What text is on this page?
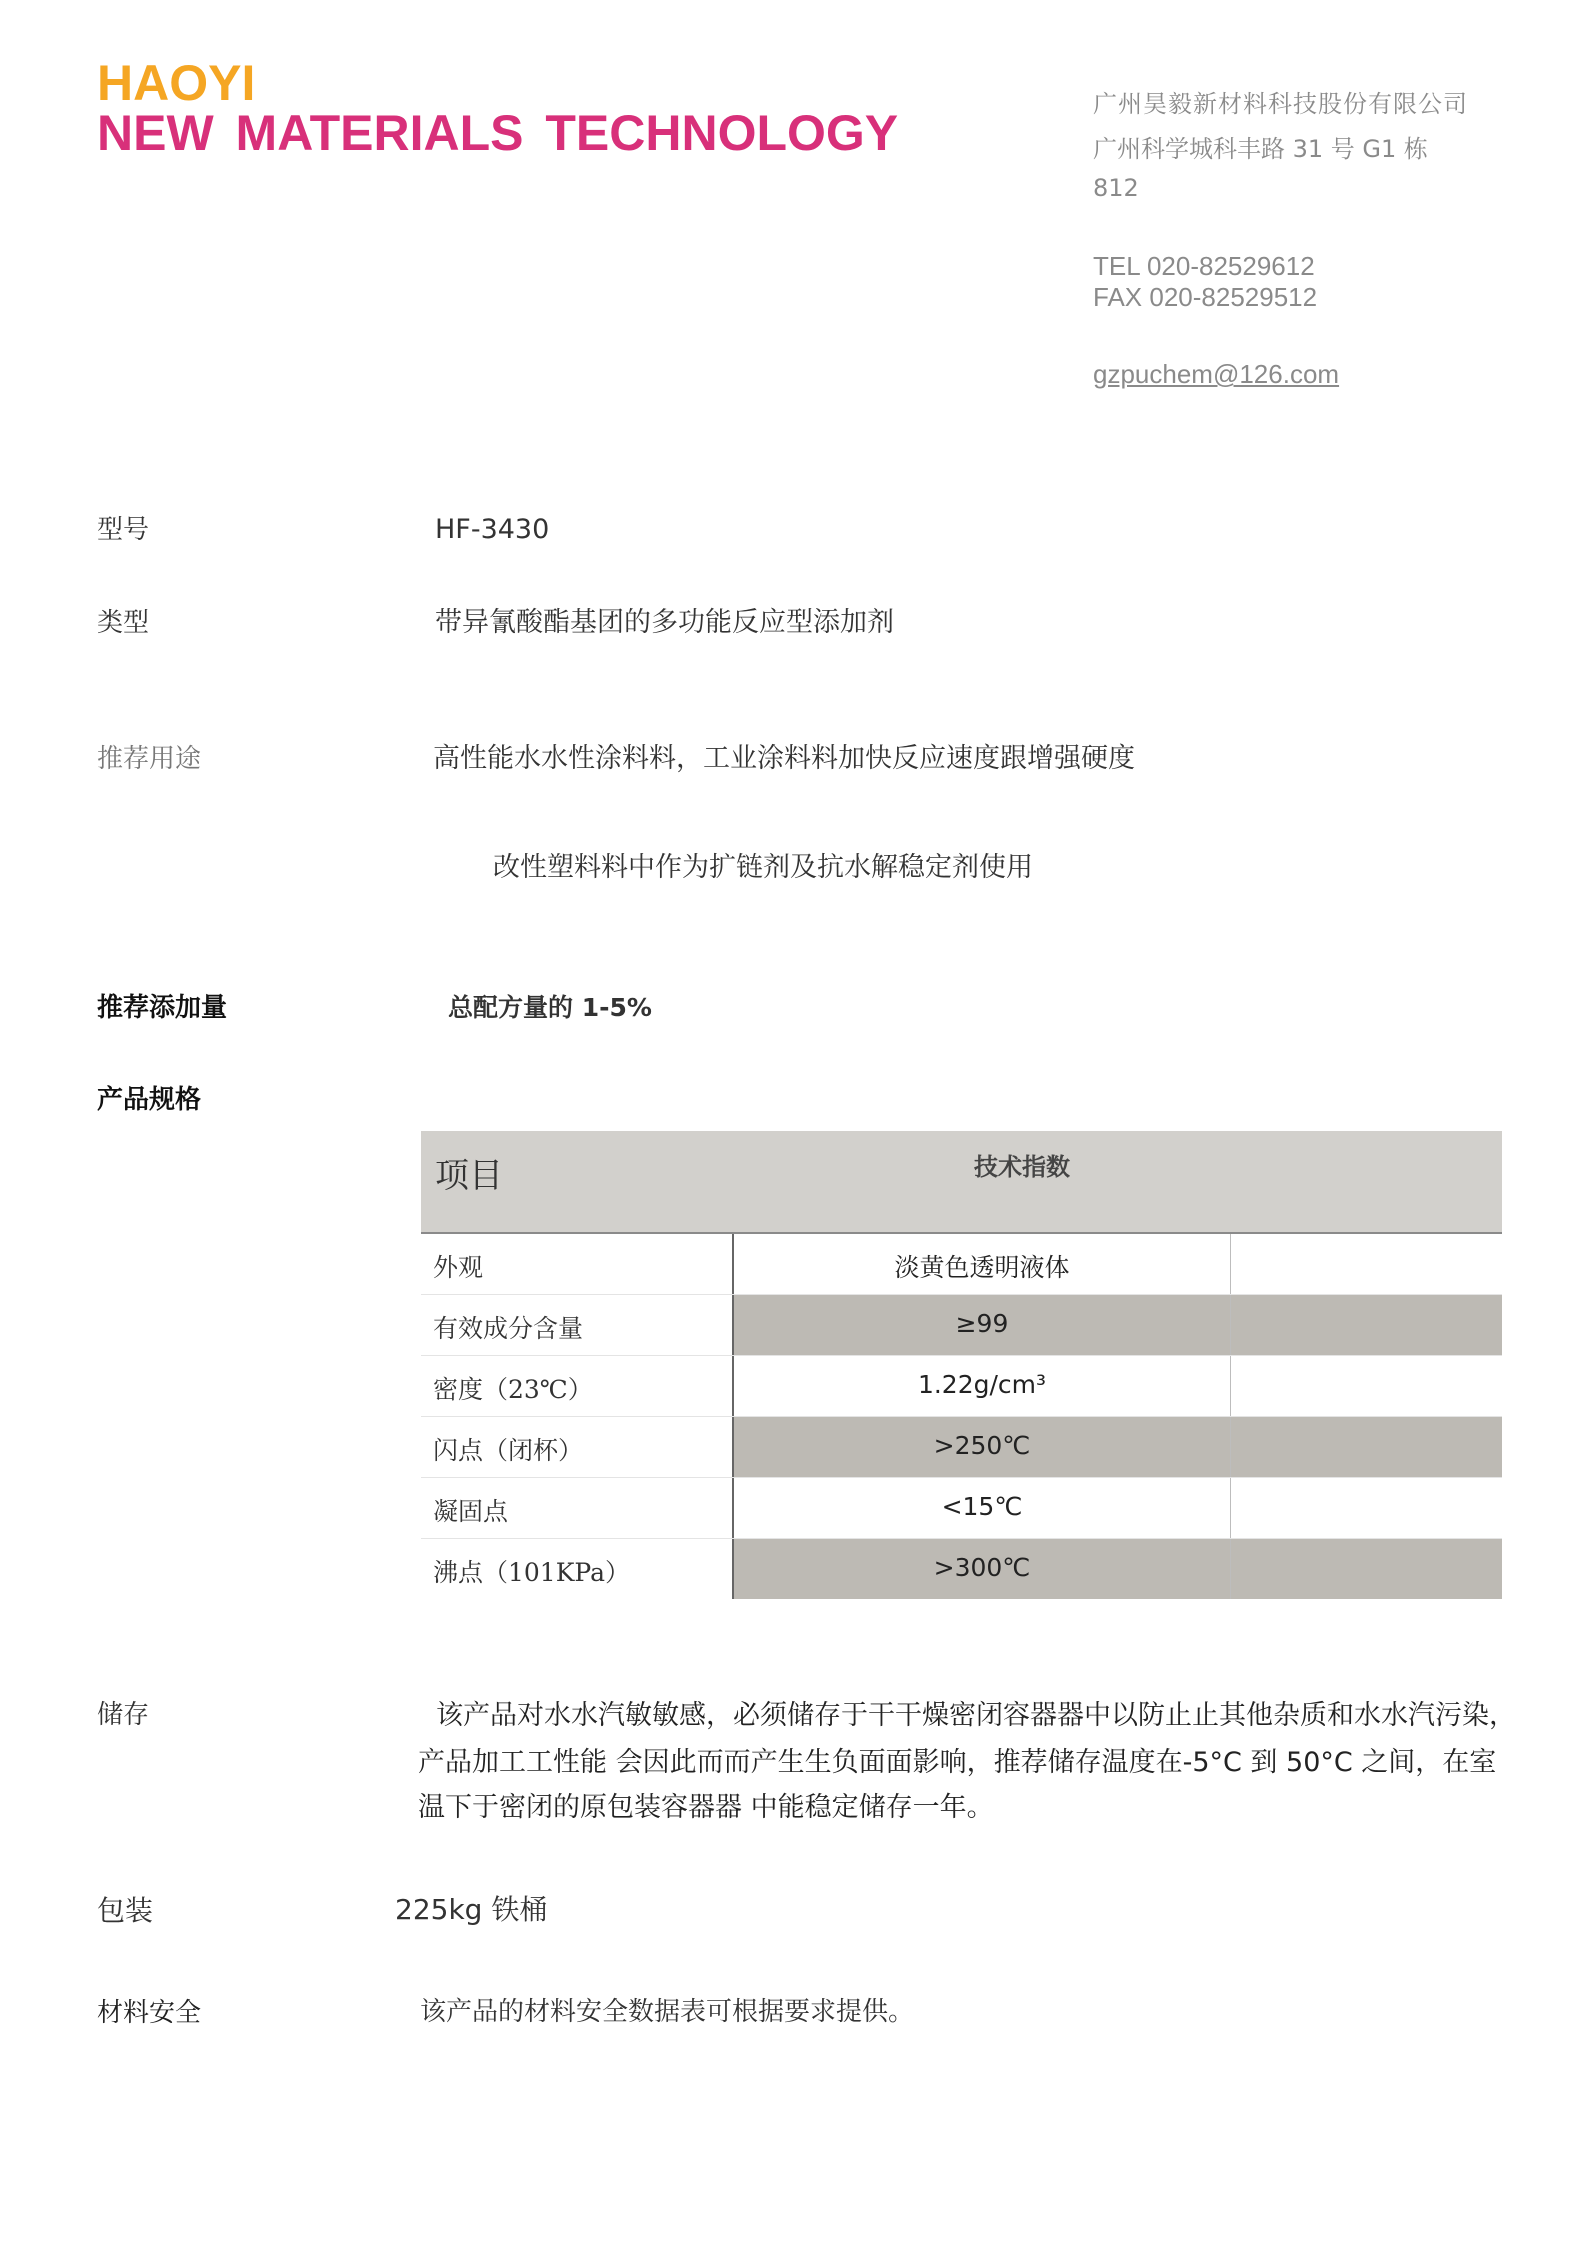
HAOYI
NEW MATERIALS TECHNOLOGY
广州昊毅新材料科技股份有限公司
广州科学城科丰路 31 号 G1 栋
812
TEL 020-82529612
FAX 020-82529512
gzpuchem@126.com
型号	HF-3430
类型	带异氰酸酯基团的多功能反应型添加剂
推荐用途	高性能水水性涂料料，工业涂料料加快反应速度跟增强硬度
改性塑料料中作为扩链剂及抗水解稳定剂使用
推荐添加量	总配方量的 1-5%
产品规格
项目	技术指数
外观	淡黄色透明液体
有效成分含量	≥99
密度（23℃）	1.22g/cm³
闪点（闭杯）	>250℃
凝固点	<15℃
沸点（101KPa）	>300℃
储存	该产品对水水汽敏敏感，必须储存于干干燥密闭容器器中以防止止其他杂质和水水汽污染，
产品加工工性能 会因此而而产生生负面面影响，推荐储存温度在-5°C 到 50°C 之间，在室
温下于密闭的原包装容器器 中能稳定储存一年。
包装	225kg 铁桶
材料安全	该产品的材料安全数据表可根据要求提供。
